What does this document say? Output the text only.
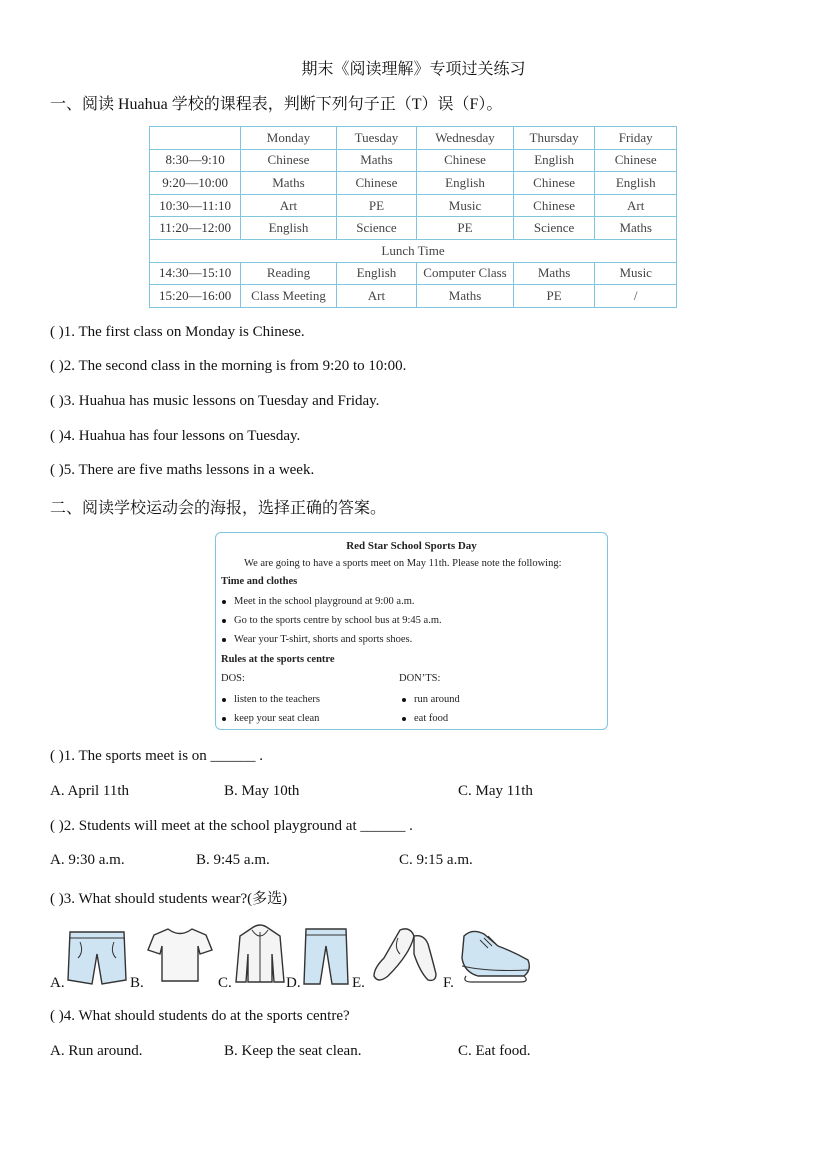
期末《阅读理解》专项过关练习
一、阅读 Huahua 学校的课程表，判断下列句子正（T）误（F）。
	Monday	Tuesday	Wednesday	Thursday	Friday
8:30—9:10	Chinese	Maths	Chinese	English	Chinese
9:20—10:00	Maths	Chinese	English	Chinese	English
10:30—11:10	Art	PE	Music	Chinese	Art
11:20—12:00	English	Science	PE	Science	Maths
Lunch Time					
14:30—15:10	Reading	English	Computer Class	Maths	Music
15:20—16:00	Class Meeting	Art	Maths	PE	/
( )1. The first class on Monday is Chinese.
( )2. The second class in the morning is from 9:20 to 10:00.
( )3. Huahua has music lessons on Tuesday and Friday.
( )4. Huahua has four lessons on Tuesday.
( )5. There are five maths lessons in a week.
二、阅读学校运动会的海报，选择正确的答案。
Red Star School Sports Day
We are going to have a sports meet on May 11th. Please note the following:
Time and clothes
Meet in the school playground at 9:00 a.m.
Go to the sports centre by school bus at 9:45 a.m.
Wear your T-shirt, shorts and sports shoes.
Rules at the sports centre
DOS:	DON’TS:
listen to the teachers
keep your seat clean
run around
eat food
( )1. The sports meet is on ______ .
A. April 11th	B. May 10th	C. May 11th
( )2. Students will meet at the school playground at ______ .
A. 9:30 a.m.	B. 9:45 a.m.	C. 9:15 a.m.
( )3. What should students wear?(多选)
A.	B.	C.	D.	E.	F.
( )4. What should students do at the sports centre?
A. Run around.	B. Keep the seat clean.	C. Eat food.
